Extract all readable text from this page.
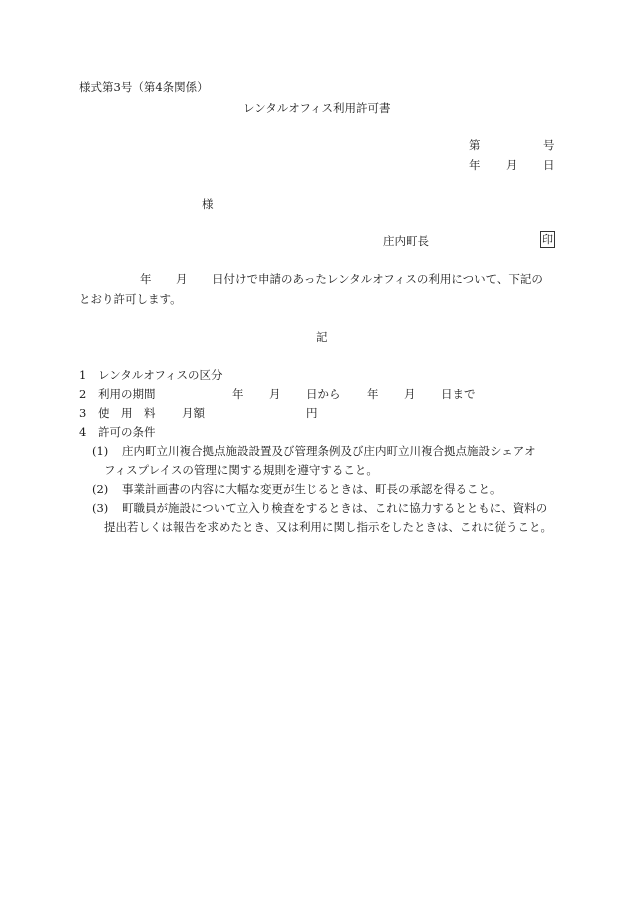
様式第3号（第4条関係）
レンタルオフィス利用許可書
第	号
年 月 日
様
庄内町長	印
年 月 日付けで申請のあったレンタルオフィスの利用について、下記の
とおり許可します。
記
1 レンタルオフィスの区分
2 利用の期間	年 月 日から 年 月 日まで
3 使　用　料 月額	円
4 許可の条件
(1) 庄内町立川複合拠点施設設置及び管理条例及び庄内町立川複合拠点施設シェアオ
フィスプレイスの管理に関する規則を遵守すること。
(2) 事業計画書の内容に大幅な変更が生じるときは、町長の承認を得ること。
(3) 町職員が施設について立入り検査をするときは、これに協力するとともに、資料の
提出若しくは報告を求めたとき、又は利用に関し指示をしたときは、これに従うこと。
